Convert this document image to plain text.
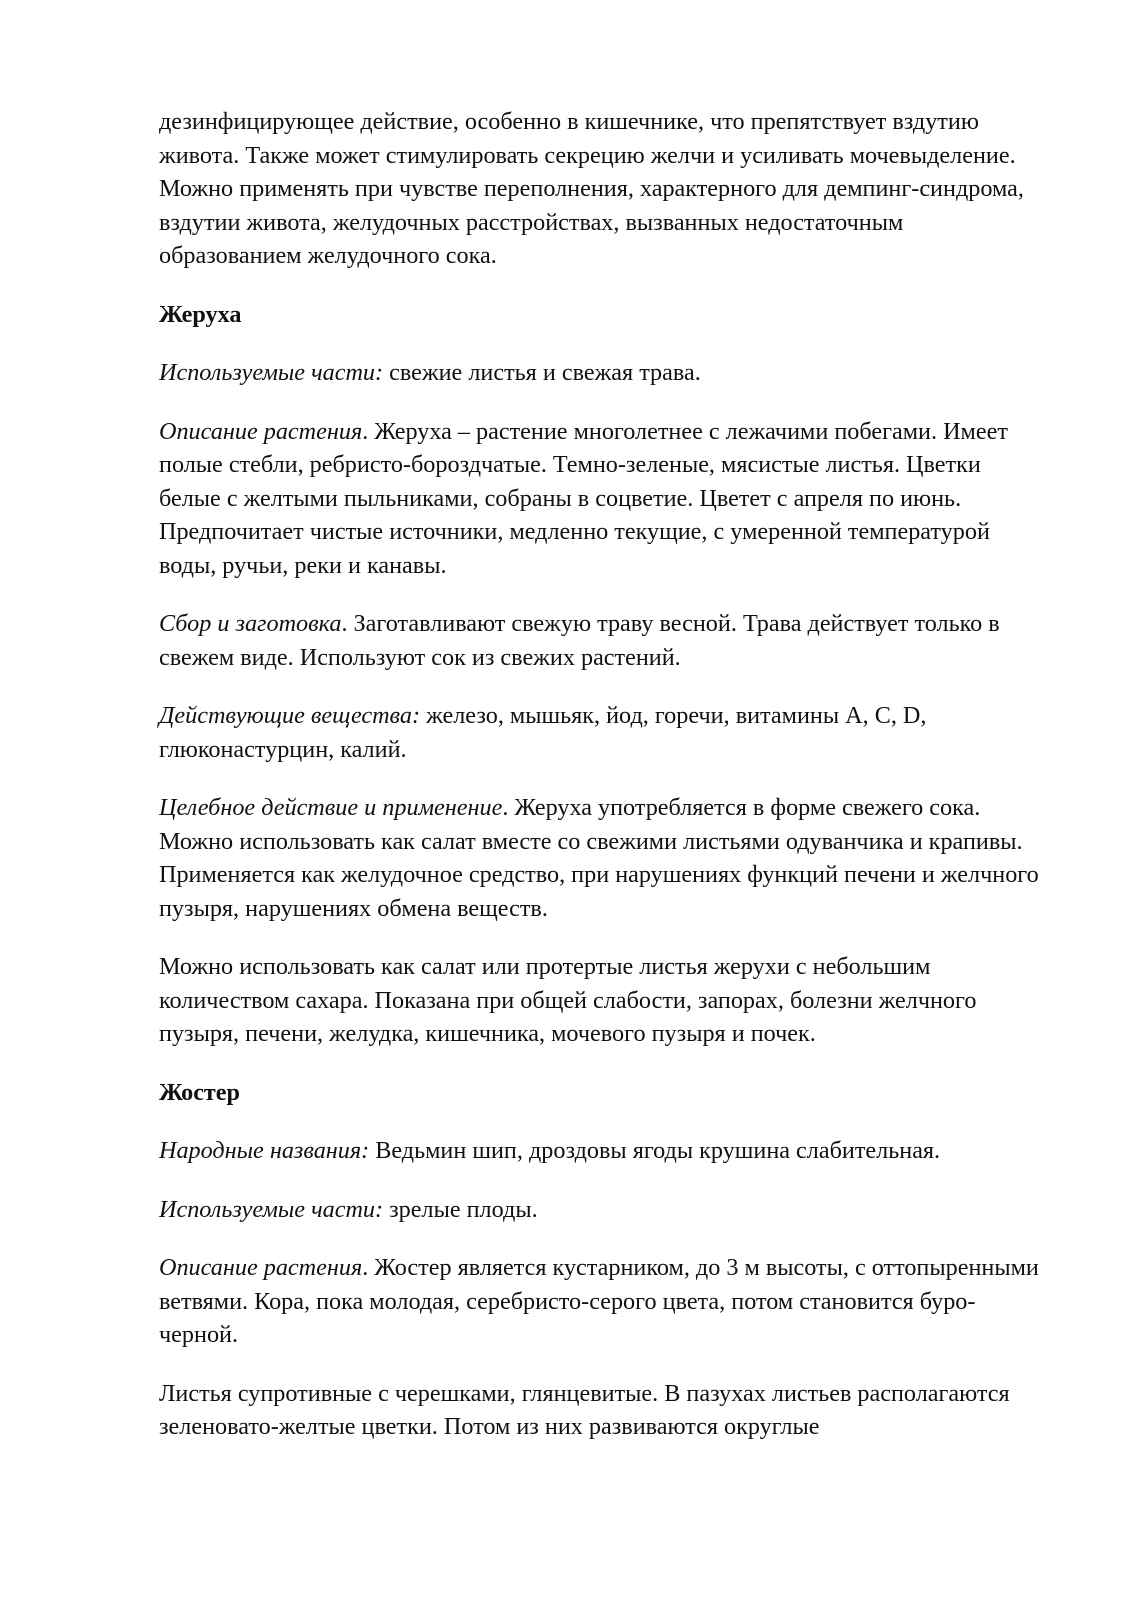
дезинфицирующее действие, особенно в кишечнике, что препятствует вздутию живота. Также может стимулировать секрецию желчи и усиливать мочевыделение. Можно применять при чувстве переполнения, характерного для демпинг-синдрома, вздутии живота, желудочных расстройствах, вызванных недостаточным образованием желудочного сока.

Жеруха

Используемые части: свежие листья и свежая трава.

Описание растения. Жеруха – растение многолетнее с лежачими побегами. Имеет полые стебли, ребристо-бороздчатые. Темно-зеленые, мясистые листья. Цветки белые с желтыми пыльниками, собраны в соцветие. Цветет с апреля по июнь. Предпочитает чистые источники, медленно текущие, с умеренной температурой воды, ручьи, реки и канавы.

Сбор и заготовка. Заготавливают свежую траву весной. Трава действует только в свежем виде. Используют сок из свежих растений.

Действующие вещества: железо, мышьяк, йод, горечи, витамины A, C, D, глюконастурцин, калий.

Целебное действие и применение. Жеруха употребляется в форме свежего сока. Можно использовать как салат вместе со свежими листьями одуванчика и крапивы. Применяется как желудочное средство, при нарушениях функций печени и желчного пузыря, нарушениях обмена веществ.

Можно использовать как салат или протертые листья жерухи с небольшим количеством сахара. Показана при общей слабости, запорах, болезни желчного пузыря, печени, желудка, кишечника, мочевого пузыря и почек.

Жостер

Народные названия: Ведьмин шип, дроздовы ягоды крушина слабительная.

Используемые части: зрелые плоды.

Описание растения. Жостер является кустарником, до 3 м высоты, с оттопыренными ветвями. Кора, пока молодая, серебристо-серого цвета, потом становится буро-черной.

Листья супротивные с черешками, глянцевитые. В пазухах листьев располагаются зеленовато-желтые цветки. Потом из них развиваются округлые
